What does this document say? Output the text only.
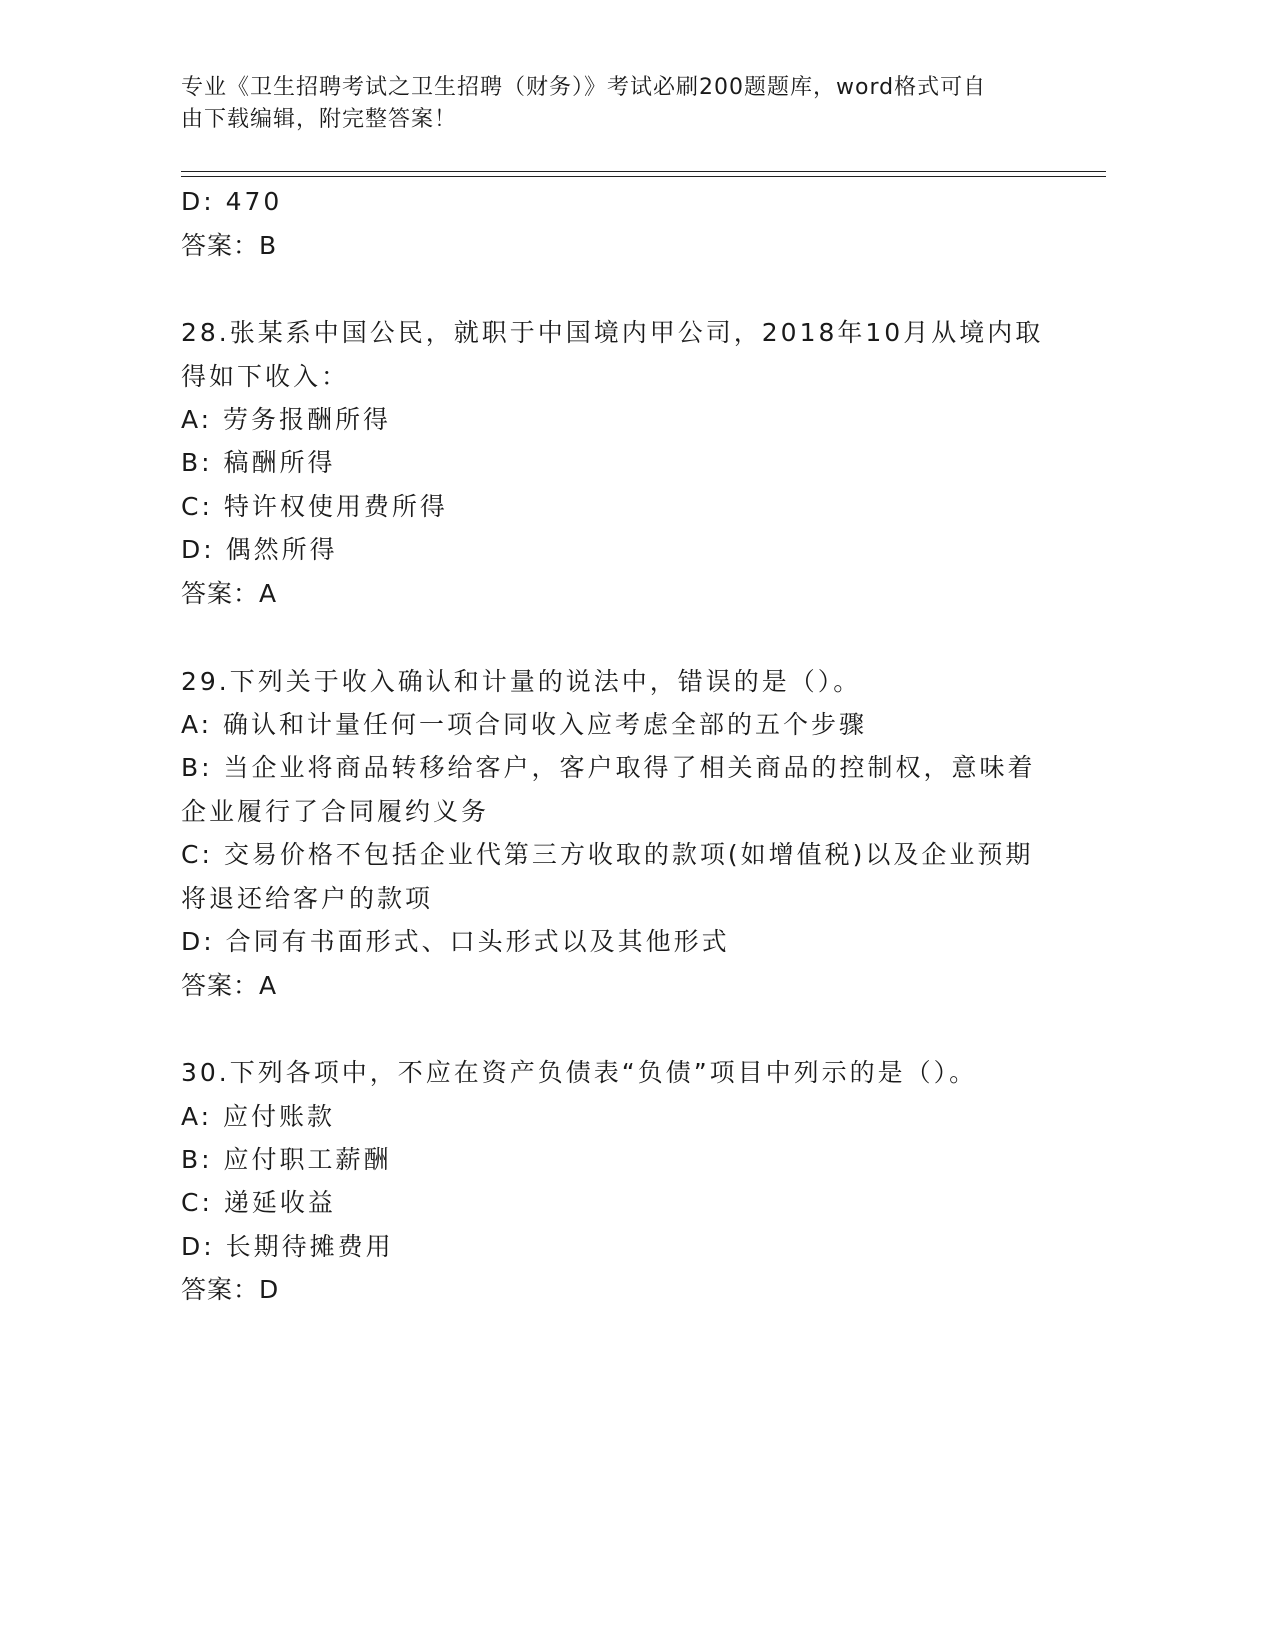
专业《卫生招聘考试之卫生招聘（财务）》考试必刷200题题库，word格式可自
由下载编辑，附完整答案！
D: 470
答案：B
28.张某系中国公民，就职于中国境内甲公司，2018年10月从境内取
得如下收入：
A: 劳务报酬所得
B: 稿酬所得
C: 特许权使用费所得
D: 偶然所得
答案：A
29.下列关于收入确认和计量的说法中，错误的是（）。
A: 确认和计量任何一项合同收入应考虑全部的五个步骤
B: 当企业将商品转移给客户，客户取得了相关商品的控制权，意味着
企业履行了合同履约义务
C: 交易价格不包括企业代第三方收取的款项(如增值税)以及企业预期
将退还给客户的款项
D: 合同有书面形式、口头形式以及其他形式
答案：A
30.下列各项中，不应在资产负债表“负债”项目中列示的是（）。
A: 应付账款
B: 应付职工薪酬
C: 递延收益
D: 长期待摊费用
答案：D
